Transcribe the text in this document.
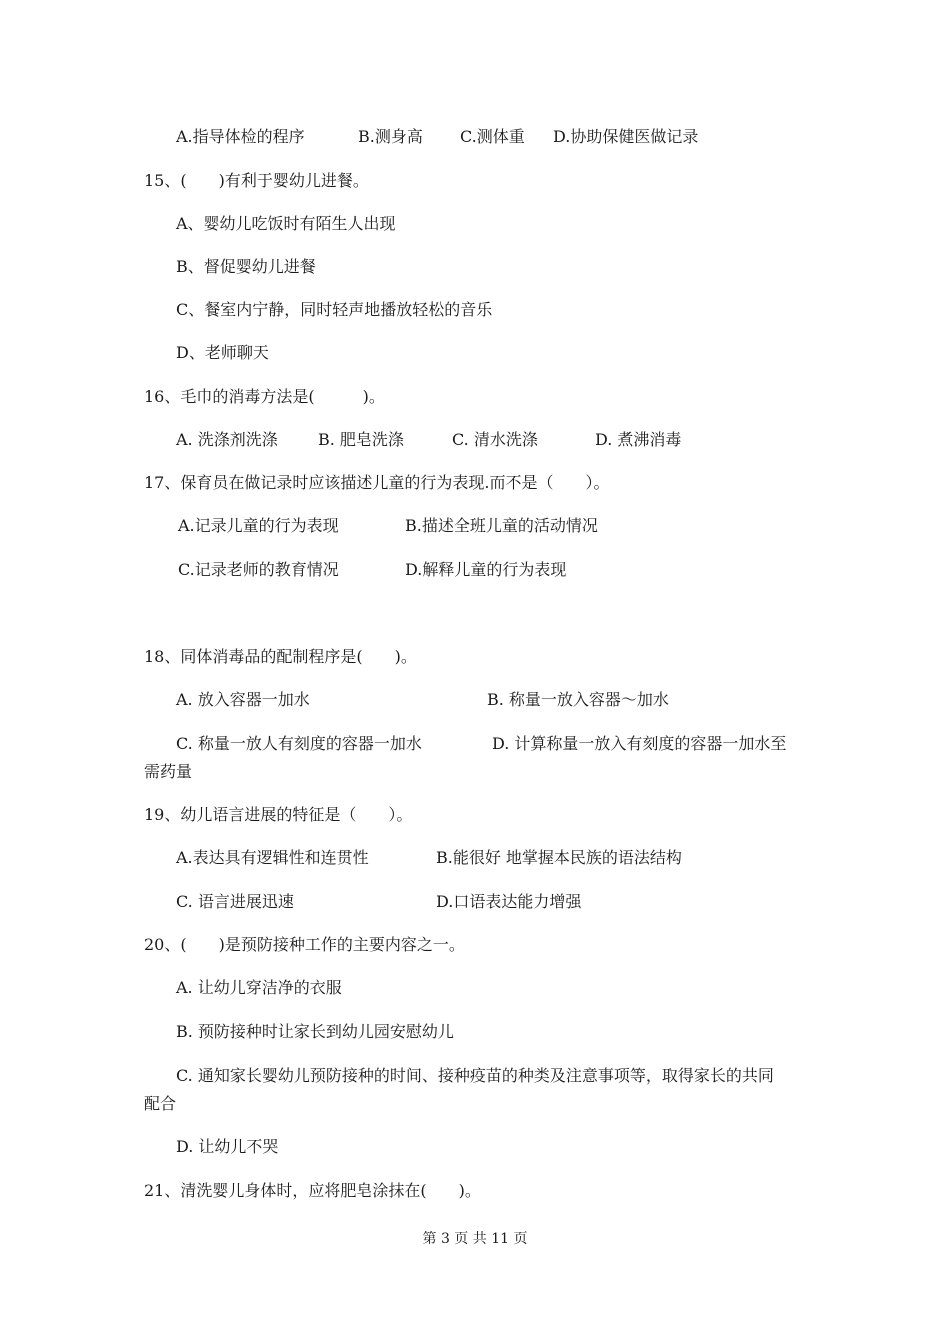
A.指导体检的程序	B.测身高 C.测体重 D.协助保健医做记录
15、(　　)有利于婴幼儿进餐。
A、婴幼儿吃饭时有陌生人出现
B、督促婴幼儿进餐
C、餐室内宁静，同时轻声地播放轻松的音乐
D、老师聊天
16、毛巾的消毒方法是(　　　)。
A. 洗涤剂洗涤	B. 肥皂洗涤	C. 清水洗涤	D. 煮沸消毒
17、保育员在做记录时应该描述儿童的行为表现.而不是（　　）。
A.记录儿童的行为表现	B.描述全班儿童的活动情况
C.记录老师的教育情况	D.解释儿童的行为表现
18、同体消毒品的配制程序是(　　)。
A. 放入容器一加水	B. 称量一放入容器～加水
C. 称量一放人有刻度的容器一加水	D. 计算称量一放入有刻度的容器一加水至
需药量
19、幼儿语言进展的特征是（　　）。
A.表达具有逻辑性和连贯性	B.能很好 地掌握本民族的语法结构
C. 语言进展迅速	D.口语表达能力增强
20、(　　)是预防接种工作的主要内容之一。
A. 让幼儿穿洁净的衣服
B. 预防接种时让家长到幼儿园安慰幼儿
C. 通知家长婴幼儿预防接种的时间、接种疫苗的种类及注意事项等，取得家长的共同
配合
D. 让幼儿不哭
21、清洗婴儿身体时，应将肥皂涂抹在(　　)。
第 3 页 共 11 页
